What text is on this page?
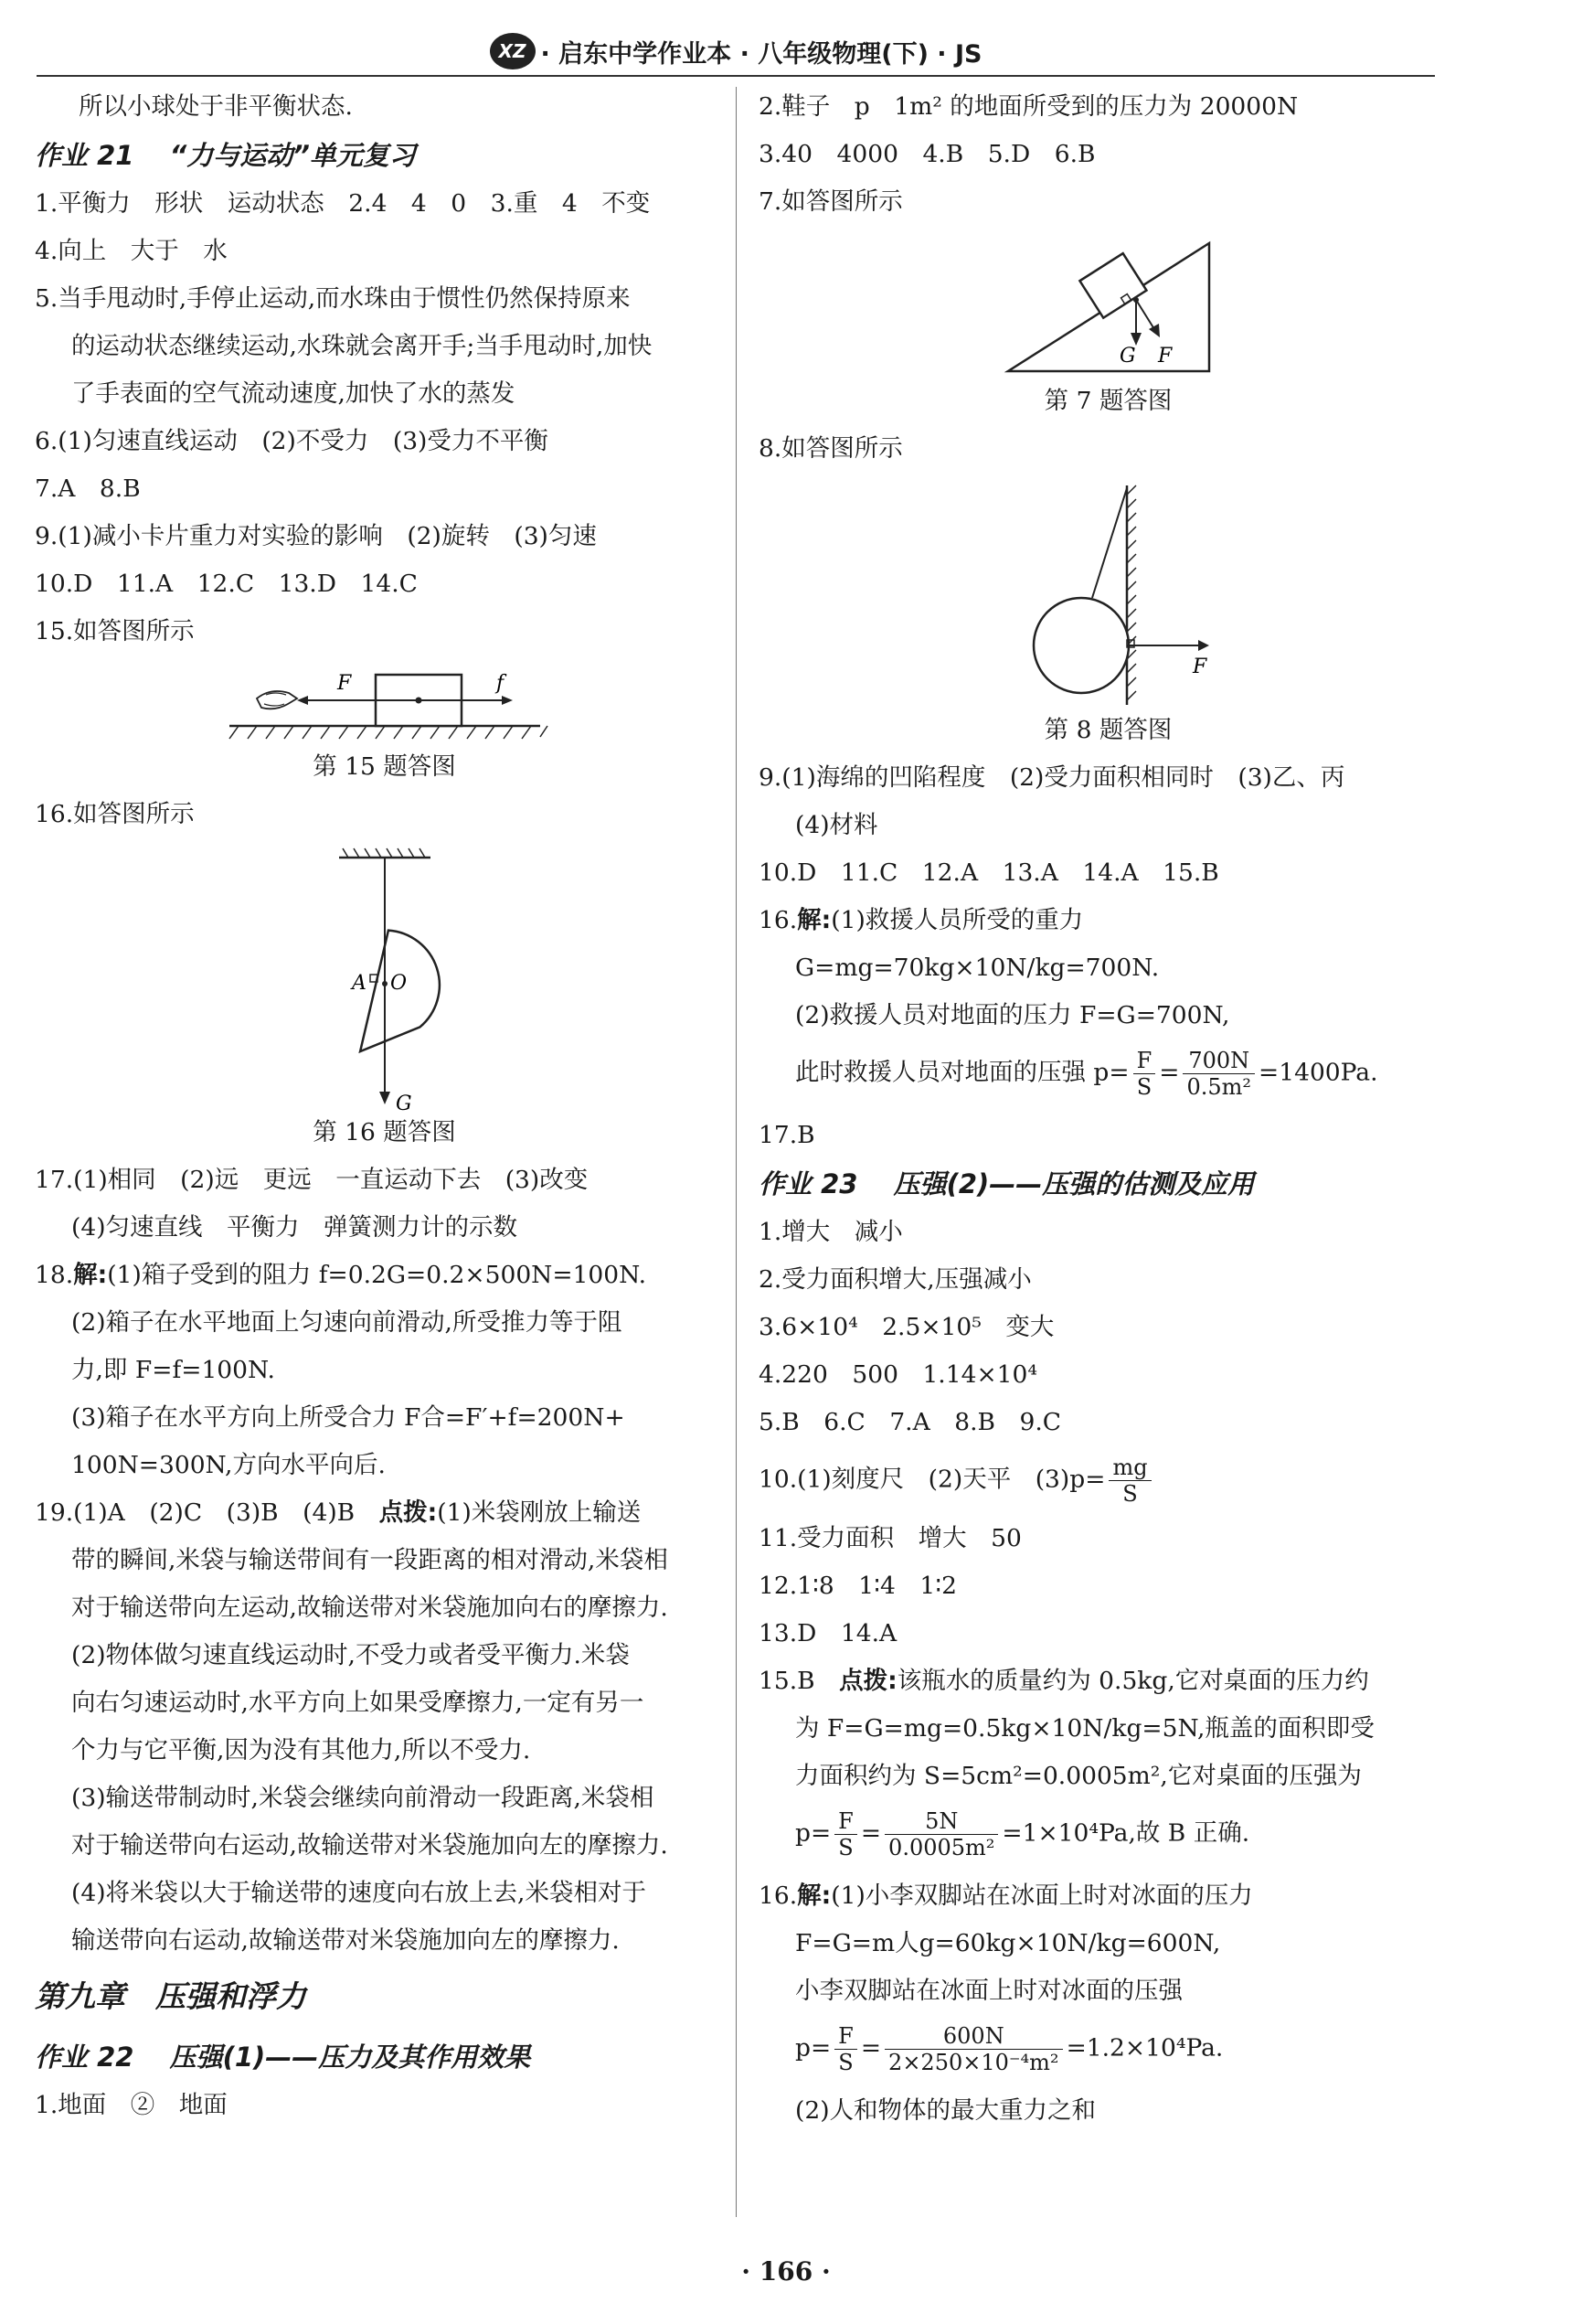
XZ · 启东中学作业本 · 八年级物理(下) · JS
所以小球处于非平衡状态.
作业 21　 “力与运动”单元复习
1.平衡力　形状　运动状态　2.4　4　0　3.重　4　不变
4.向上　大于　水
5.当手甩动时,手停止运动,而水珠由于惯性仍然保持原来
的运动状态继续运动,水珠就会离开手;当手甩动时,加快
了手表面的空气流动速度,加快了水的蒸发
6.(1)匀速直线运动　(2)不受力　(3)受力不平衡
7.A　8.B
9.(1)减小卡片重力对实验的影响　(2)旋转　(3)匀速
10.D　11.A　12.C　13.D　14.C
15.如答图所示
F	f
第 15 题答图
16.如答图所示
A O
G
第 16 题答图
17.(1)相同　(2)远　更远　一直运动下去　(3)改变
(4)匀速直线　平衡力　弹簧测力计的示数
18.解:(1)箱子受到的阻力 f=0.2G=0.2×500N=100N.
(2)箱子在水平地面上匀速向前滑动,所受推力等于阻
力,即 F=f=100N.
(3)箱子在水平方向上所受合力 F合=F′+f=200N+
100N=300N,方向水平向后.
19.(1)A　(2)C　(3)B　(4)B　点拨:(1)米袋刚放上输送
带的瞬间,米袋与输送带间有一段距离的相对滑动,米袋相
对于输送带向左运动,故输送带对米袋施加向右的摩擦力.
(2)物体做匀速直线运动时,不受力或者受平衡力.米袋
向右匀速运动时,水平方向上如果受摩擦力,一定有另一
个力与它平衡,因为没有其他力,所以不受力.
(3)输送带制动时,米袋会继续向前滑动一段距离,米袋相
对于输送带向右运动,故输送带对米袋施加向左的摩擦力.
(4)将米袋以大于输送带的速度向右放上去,米袋相对于
输送带向右运动,故输送带对米袋施加向左的摩擦力.
第九章　压强和浮力
作业 22　 压强(1)——压力及其作用效果
1.地面　②　地面
2.鞋子　p　1m² 的地面所受到的压力为 20000N
3.40　4000　4.B　5.D　6.B
7.如答图所示
G F
第 7 题答图
8.如答图所示
F
第 8 题答图
9.(1)海绵的凹陷程度　(2)受力面积相同时　(3)乙、丙
(4)材料
10.D　11.C　12.A　13.A　14.A　15.B
16.解:(1)救援人员所受的重力
G=mg=70kg×10N/kg=700N.
(2)救援人员对地面的压力 F=G=700N,
此时救援人员对地面的压强 $p= \frac{F}{S} = \frac{700N}{\text{0.5m²}} =1400Pa$.
17.B
作业 23　 压强(2)——压强的估测及应用
1.增大　减小
2.受力面积增大,压强减小
3.6×10⁴　2.5×10⁵　变大
4.220　500　1.14×10⁴
5.B　6.C　7.A　8.B　9.C
10.(1)刻度尺　(2)天平　$(3)p= \frac{mg}{S}$
11.受力面积　增大　50
12.1∶8　1∶4　1∶2
13.D　14.A
15.B　点拨:该瓶水的质量约为 0.5kg,它对桌面的压力约
为 F=G=mg=0.5kg×10N/kg=5N,瓶盖的面积即受
力面积约为 S=5cm²=0.0005m²,它对桌面的压强为
$p= \frac{F}{S} = \frac{5N}{\text{0.0005m²}} =1\times 10^4Pa$,故 B 正确.
16.解:(1)小李双脚站在冰面上时对冰面的压力
F=G=m人g=60kg×10N/kg=600N,
小李双脚站在冰面上时对冰面的压强
$p= \frac{F}{S} = \frac{600N}{\text{2×250×10⁻⁴m²}} =1.2\times 10^4Pa$.
(2)人和物体的最大重力之和
· 166 ·
